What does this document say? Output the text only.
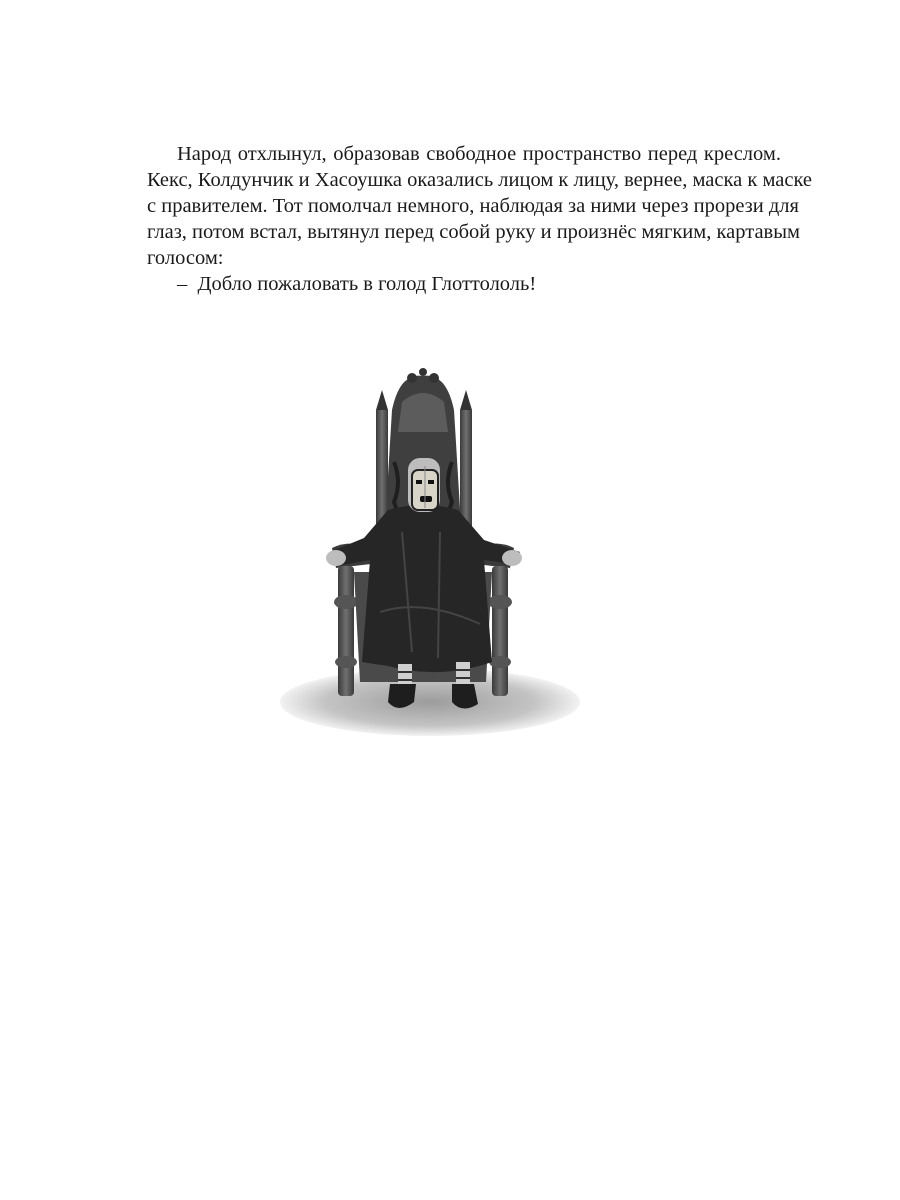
Народ отхлынул, образовав свободное пространство перед креслом.
Кекс, Колдунчик и Хасоушка оказались лицом к лицу, вернее, маска к маске
с правителем. Тот помолчал немного, наблюдая за ними через прорези для
глаз, потом встал, вытянул перед собой руку и произнёс мягким, картавым
голосом:
– Добло пожаловать в голод Глоттололь!
